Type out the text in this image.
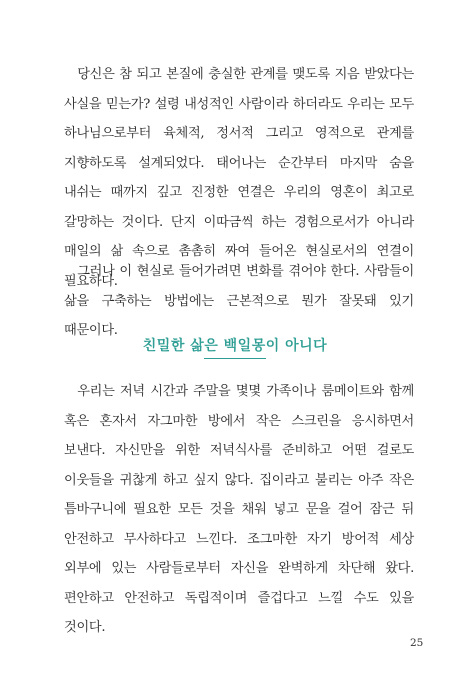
당신은 참 되고 본질에 충실한 관계를 맺도록 지음 받았다는 사실을 믿는가? 설령 내성적인 사람이라 하더라도 우리는 모두 하나님으로부터 육체적, 정서적 그리고 영적으로 관계를 지향하도록 설계되었다. 태어나는 순간부터 마지막 숨을 내쉬는 때까지 깊고 진정한 연결은 우리의 영혼이 최고로 갈망하는 것이다. 단지 이따금씩 하는 경험으로서가 아니라 매일의 삶 속으로 촘촘히 짜여 들어온 현실로서의 연결이 필요하다.

그러나 이 현실로 들어가려면 변화를 겪어야 한다. 사람들이 삶을 구축하는 방법에는 근본적으로 뭔가 잘못돼 있기 때문이다.

친밀한 삶은 백일몽이 아니다

우리는 저녁 시간과 주말을 몇몇 가족이나 룸메이트와 함께 혹은 혼자서 자그마한 방에서 작은 스크린을 응시하면서 보낸다. 자신만을 위한 저녁식사를 준비하고 어떤 걸로도 이웃들을 귀찮게 하고 싶지 않다. 집이라고 불리는 아주 작은 틈바구니에 필요한 모든 것을 채워 넣고 문을 걸어 잠근 뒤 안전하고 무사하다고 느낀다. 조그마한 자기 방어적 세상 외부에 있는 사람들로부터 자신을 완벽하게 차단해 왔다. 편안하고 안전하고 독립적이며 즐겁다고 느낄 수도 있을 것이다.

25
